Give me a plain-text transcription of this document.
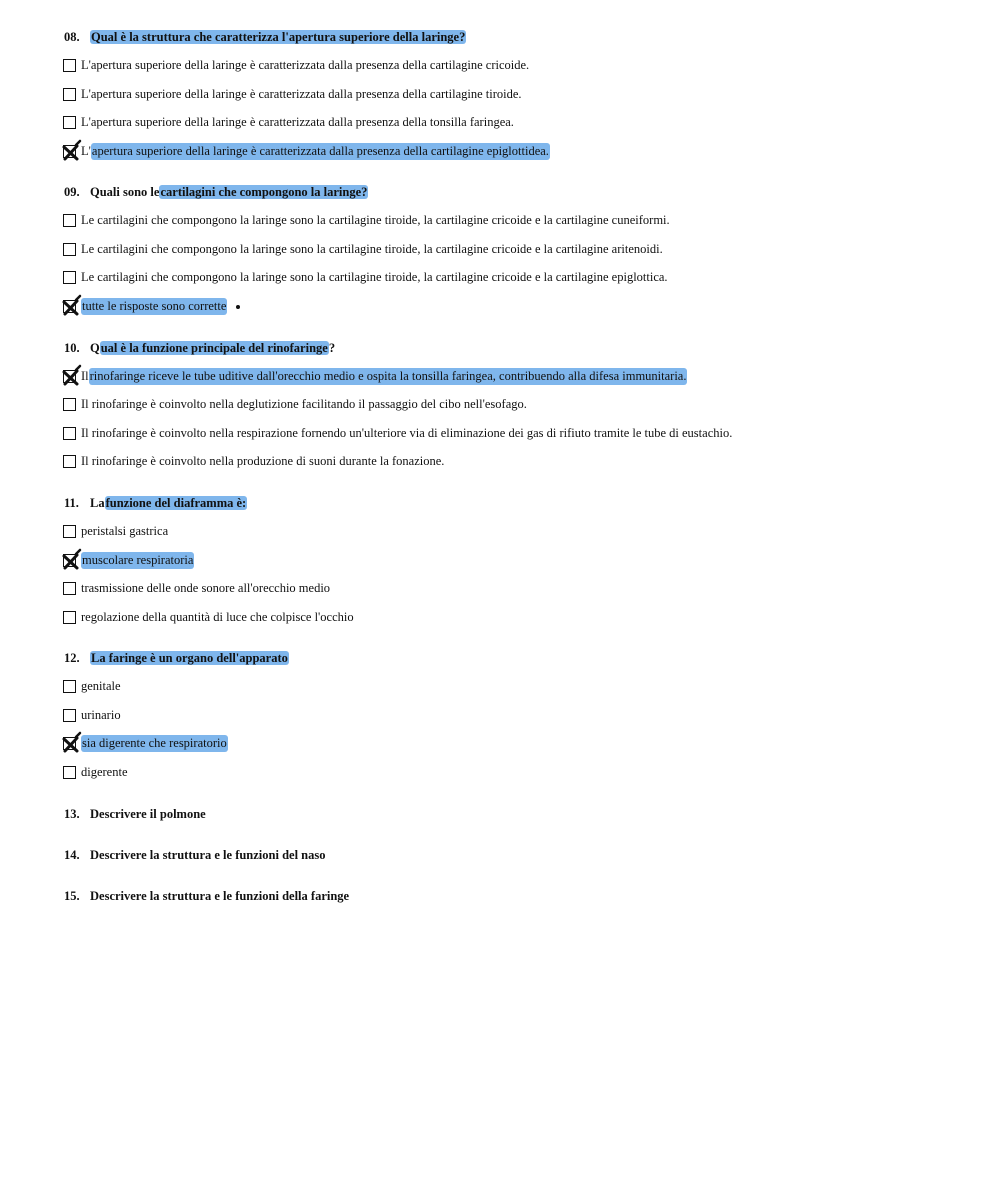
08. Qual è la struttura che caratterizza l'apertura superiore della laringe?
L'apertura superiore della laringe è caratterizzata dalla presenza della cartilagine cricoide.
L'apertura superiore della laringe è caratterizzata dalla presenza della cartilagine tiroide.
L'apertura superiore della laringe è caratterizzata dalla presenza della tonsilla faringea.
L' apertura superiore della laringe è caratterizzata dalla presenza della cartilagine epiglottidea.
09. Quali sono lecartilagini che compongono la laringe?
Le cartilagini che compongono la laringe sono la cartilagine tiroide, la cartilagine cricoide e la cartilagine cuneiformi.
Le cartilagini che compongono la laringe sono la cartilagine tiroide, la cartilagine cricoide e la cartilagine aritenoidi.
Le cartilagini che compongono la laringe sono la cartilagine tiroide, la cartilagine cricoide e la cartilagine epiglottica.
tutte le risposte sono corrette
10. Qual è la funzione principale del rinofaringe?
Il rinofaringe riceve le tube uditive dall'orecchio medio e ospita la tonsilla faringea, contribuendo alla difesa immunitaria.
Il rinofaringe è coinvolto nella deglutizione facilitando il passaggio del cibo nell'esofago.
Il rinofaringe è coinvolto nella respirazione fornendo un'ulteriore via di eliminazione dei gas di rifiuto tramite le tube di eustachio.
Il rinofaringe è coinvolto nella produzione di suoni durante la fonazione.
11. Lafunzione del diaframma è:
peristalsi gastrica
muscolare respiratoria
trasmissione delle onde sonore all'orecchio medio
regolazione della quantità di luce che colpisce l'occhio
12. La faringe è un organo dell'apparato
genitale
urinario
sia digerente che respiratorio
digerente
13. Descrivere il polmone
14. Descrivere la struttura e le funzioni del naso
15. Descrivere la struttura e le funzioni della faringe
